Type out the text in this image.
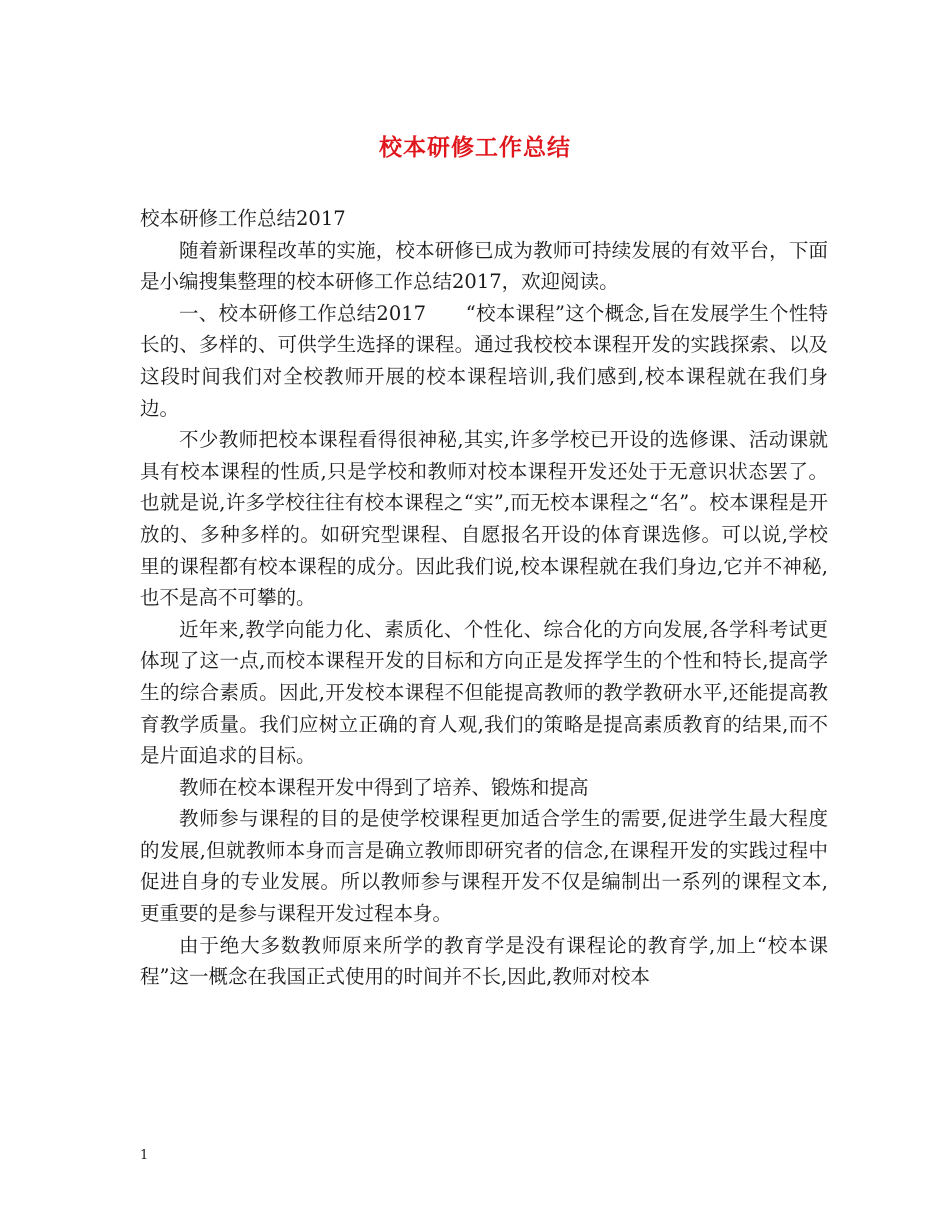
校本研修工作总结

校本研修工作总结2017

随着新课程改革的实施，校本研修已成为教师可持续发展的有效平台，下面是小编搜集整理的校本研修工作总结2017，欢迎阅读。

一、校本研修工作总结2017　　“校本课程”这个概念,旨在发展学生个性特长的、多样的、可供学生选择的课程。通过我校校本课程开发的实践探索、以及这段时间我们对全校教师开展的校本课程培训,我们感到,校本课程就在我们身边。

不少教师把校本课程看得很神秘,其实,许多学校已开设的选修课、活动课就具有校本课程的性质,只是学校和教师对校本课程开发还处于无意识状态罢了。也就是说,许多学校往往有校本课程之“实”,而无校本课程之“名”。校本课程是开放的、多种多样的。如研究型课程、自愿报名开设的体育课选修。可以说,学校里的课程都有校本课程的成分。因此我们说,校本课程就在我们身边,它并不神秘,也不是高不可攀的。

近年来,教学向能力化、素质化、个性化、综合化的方向发展,各学科考试更体现了这一点,而校本课程开发的目标和方向正是发挥学生的个性和特长,提高学生的综合素质。因此,开发校本课程不但能提高教师的教学教研水平,还能提高教育教学质量。我们应树立正确的育人观,我们的策略是提高素质教育的结果,而不是片面追求的目标。

教师在校本课程开发中得到了培养、锻炼和提高

教师参与课程的目的是使学校课程更加适合学生的需要,促进学生最大程度的发展,但就教师本身而言是确立教师即研究者的信念,在课程开发的实践过程中促进自身的专业发展。所以教师参与课程开发不仅是编制出一系列的课程文本,更重要的是参与课程开发过程本身。

由于绝大多数教师原来所学的教育学是没有课程论的教育学,加上“校本课程”这一概念在我国正式使用的时间并不长,因此,教师对校本

1
